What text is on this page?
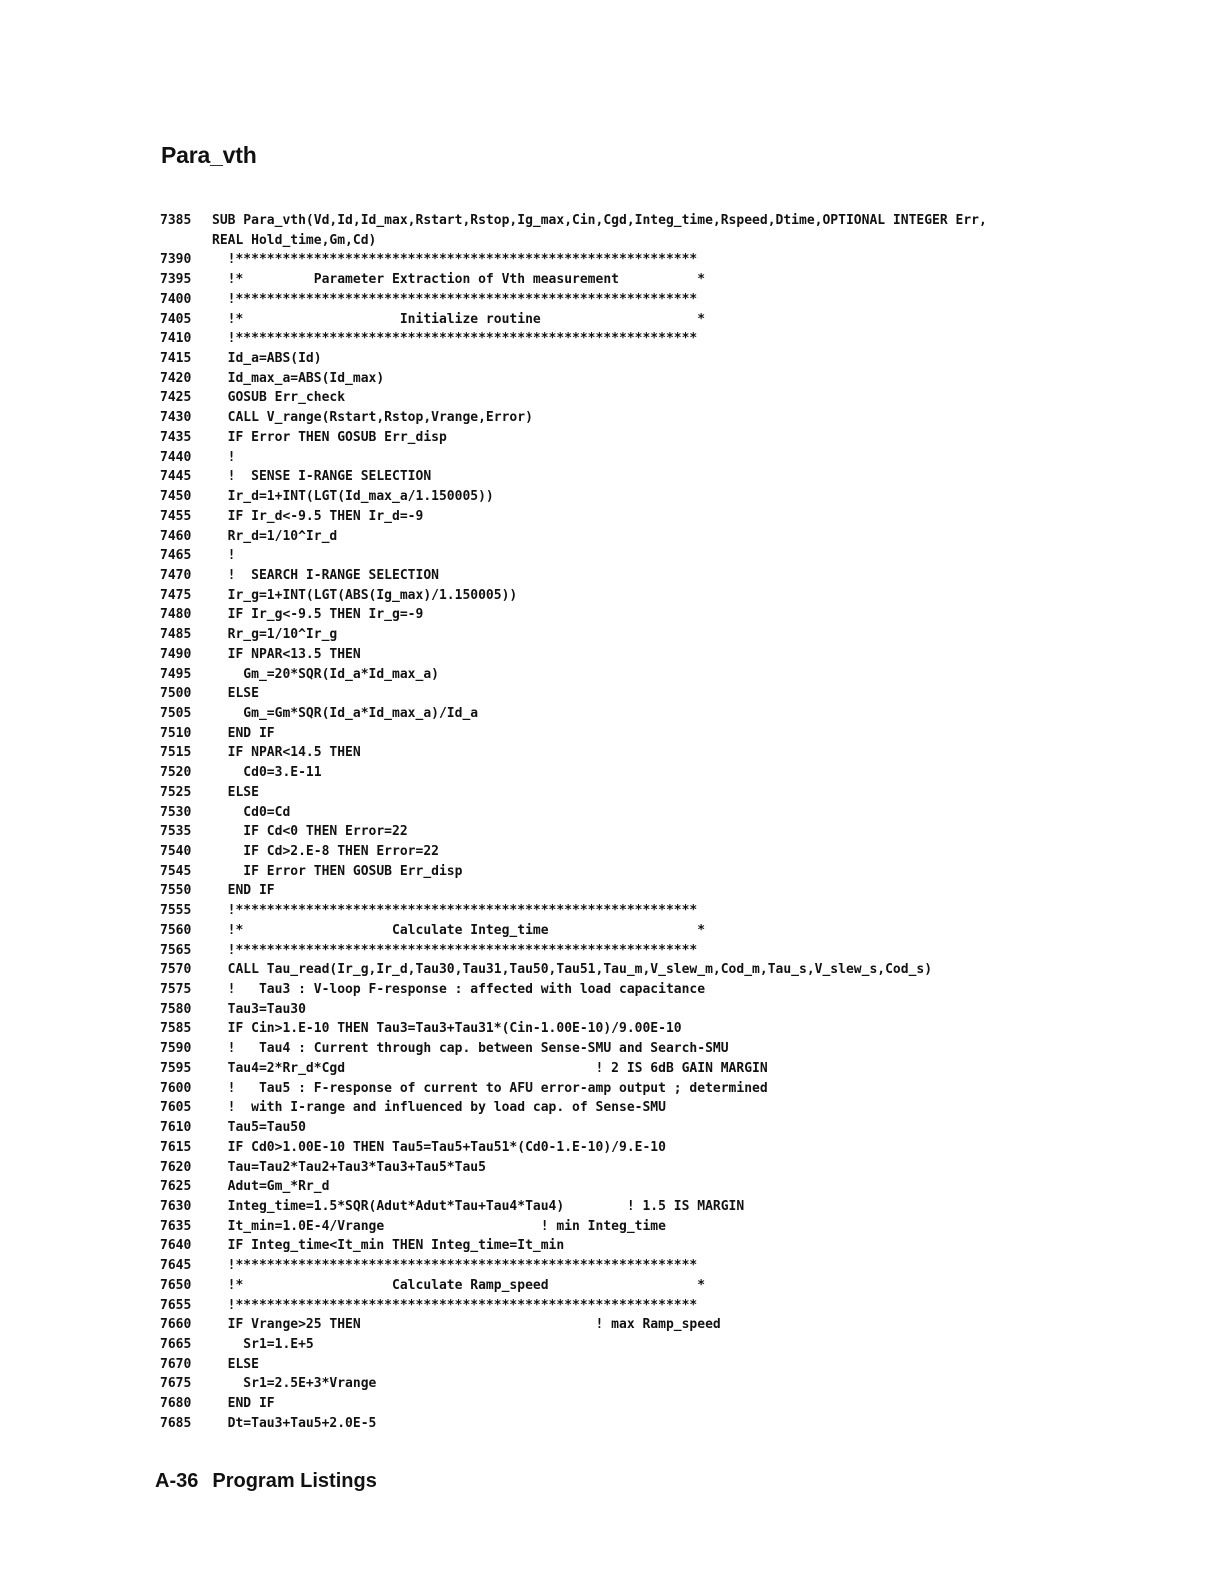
Para_vth
7385	SUB Para_vth(Vd,Id,Id_max,Rstart,Rstop,Ig_max,Cin,Cgd,Integ_time,Rspeed,Dtime,OPTIONAL INTEGER Err,
REAL Hold_time,Gm,Cd)
7390	!***********************************************************
7395	!*         Parameter Extraction of Vth measurement          *
7400	!***********************************************************
7405	!*                    Initialize routine                    *
7410	!***********************************************************
7415	Id_a=ABS(Id)
7420	Id_max_a=ABS(Id_max)
7425	GOSUB Err_check
7430	CALL V_range(Rstart,Rstop,Vrange,Error)
7435	IF Error THEN GOSUB Err_disp
7440	!
7445	!  SENSE I-RANGE SELECTION
7450	Ir_d=1+INT(LGT(Id_max_a/1.150005))
7455	IF Ir_d<-9.5 THEN Ir_d=-9
7460	Rr_d=1/10^Ir_d
7465	!
7470	!  SEARCH I-RANGE SELECTION
7475	Ir_g=1+INT(LGT(ABS(Ig_max)/1.150005))
7480	IF Ir_g<-9.5 THEN Ir_g=-9
7485	Rr_g=1/10^Ir_g
7490	IF NPAR<13.5 THEN
7495	Gm_=20*SQR(Id_a*Id_max_a)
7500	ELSE
7505	Gm_=Gm*SQR(Id_a*Id_max_a)/Id_a
7510	END IF
7515	IF NPAR<14.5 THEN
7520	Cd0=3.E-11
7525	ELSE
7530	Cd0=Cd
7535	IF Cd<0 THEN Error=22
7540	IF Cd>2.E-8 THEN Error=22
7545	IF Error THEN GOSUB Err_disp
7550	END IF
7555	!***********************************************************
7560	!*                   Calculate Integ_time                   *
7565	!***********************************************************
7570	CALL Tau_read(Ir_g,Ir_d,Tau30,Tau31,Tau50,Tau51,Tau_m,V_slew_m,Cod_m,Tau_s,V_slew_s,Cod_s)
7575	!   Tau3 : V-loop F-response : affected with load capacitance
7580	Tau3=Tau30
7585	IF Cin>1.E-10 THEN Tau3=Tau3+Tau31*(Cin-1.00E-10)/9.00E-10
7590	!   Tau4 : Current through cap. between Sense-SMU and Search-SMU
7595	Tau4=2*Rr_d*Cgd                                ! 2 IS 6dB GAIN MARGIN
7600	!   Tau5 : F-response of current to AFU error-amp output ; determined
7605	!  with I-range and influenced by load cap. of Sense-SMU
7610	Tau5=Tau50
7615	IF Cd0>1.00E-10 THEN Tau5=Tau5+Tau51*(Cd0-1.E-10)/9.E-10
7620	Tau=Tau2*Tau2+Tau3*Tau3+Tau5*Tau5
7625	Adut=Gm_*Rr_d
7630	Integ_time=1.5*SQR(Adut*Adut*Tau+Tau4*Tau4)        ! 1.5 IS MARGIN
7635	It_min=1.0E-4/Vrange                    ! min Integ_time
7640	IF Integ_time<It_min THEN Integ_time=It_min
7645	!***********************************************************
7650	!*                   Calculate Ramp_speed                   *
7655	!***********************************************************
7660	IF Vrange>25 THEN                              ! max Ramp_speed
7665	Sr1=1.E+5
7670	ELSE
7675	Sr1=2.5E+3*Vrange
7680	END IF
7685	Dt=Tau3+Tau5+2.0E-5
A-36 Program Listings
